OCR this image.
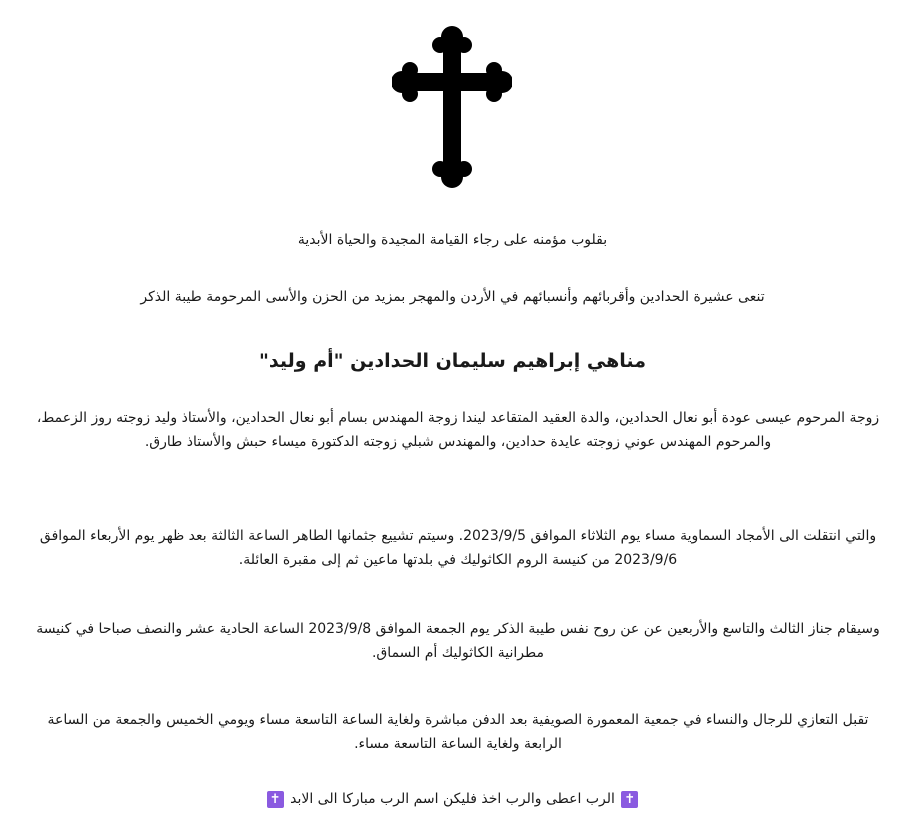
بقلوب مؤمنه على رجاء القيامة المجيدة والحياة الأبدية
تنعى عشيرة الحدادين وأقربائهم وأنسبائهم في الأردن والمهجر بمزيد من الحزن والأسى المرحومة طيبة الذكر
مناهي إبراهيم سليمان الحدادين "أم وليد"
زوجة المرحوم عيسى عودة أبو نعال الحدادين، والدة العقيد المتقاعد ليندا زوجة المهندس بسام أبو نعال الحدادين، والأستاذ وليد زوجته روز الزعمط، والمرحوم المهندس عوني زوجته عايدة حدادين، والمهندس شبلي زوجته الدكتورة ميساء حبش والأستاذ طارق.
والتي انتقلت الى الأمجاد السماوية مساء يوم الثلاثاء الموافق 2023/9/5. وسيتم تشييع جثمانها الطاهر الساعة الثالثة بعد ظهر يوم الأربعاء الموافق 2023/9/6 من كنيسة الروم الكاثوليك في بلدتها ماعين ثم إلى مقبرة العائلة.
وسيقام جناز الثالث والتاسع والأربعين عن عن روح نفس طيبة الذكر يوم الجمعة الموافق 2023/9/8 الساعة الحادية عشر والنصف صباحا في كنيسة مطرانية الكاثوليك أم السماق.
تقبل التعازي للرجال والنساء في جمعية المعمورة الصويفية بعد الدفن مباشرة ولغاية الساعة التاسعة مساء ويومي الخميس والجمعة من الساعة الرابعة ولغاية الساعة التاسعة مساء.
✝ الرب اعطى والرب اخذ فليكن اسم الرب مباركا الى الابد ✝
